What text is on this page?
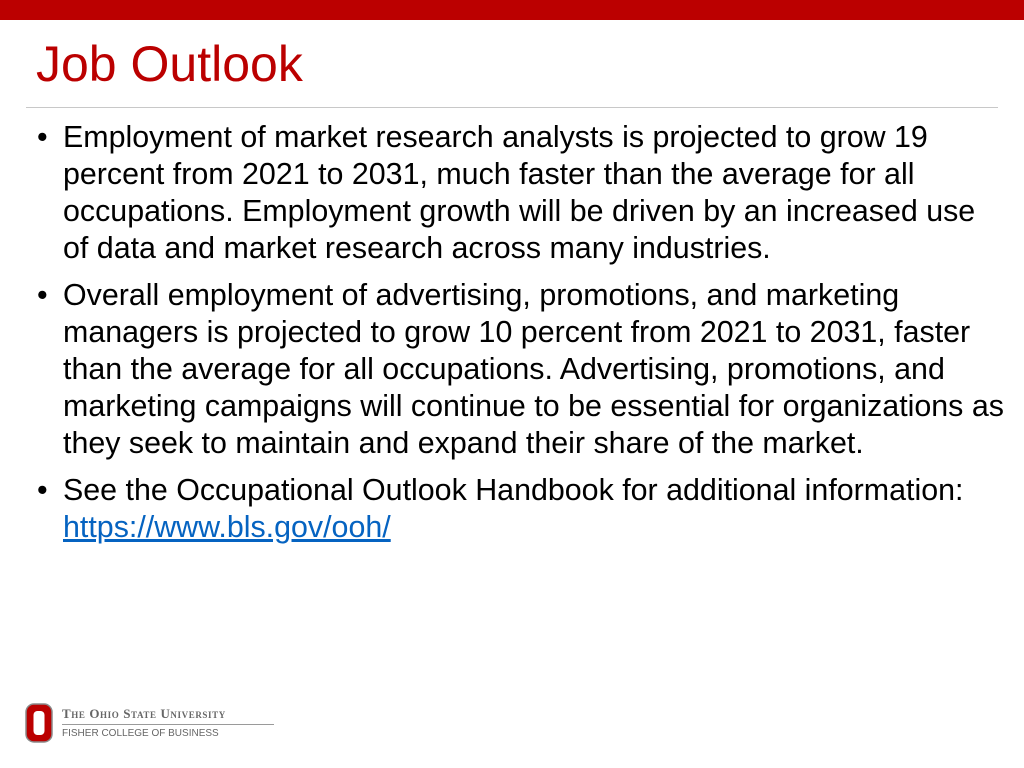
Job Outlook
• Employment of market research analysts is projected to grow 19 percent from 2021 to 2031, much faster than the average for all occupations. Employment growth will be driven by an increased use of data and market research across many industries.
• Overall employment of advertising, promotions, and marketing managers is projected to grow 10 percent from 2021 to 2031, faster than the average for all occupations. Advertising, promotions, and marketing campaigns will continue to be essential for organizations as they seek to maintain and expand their share of the market.
• See the Occupational Outlook Handbook for additional information: https://www.bls.gov/ooh/
The Ohio State University
FISHER COLLEGE OF BUSINESS
